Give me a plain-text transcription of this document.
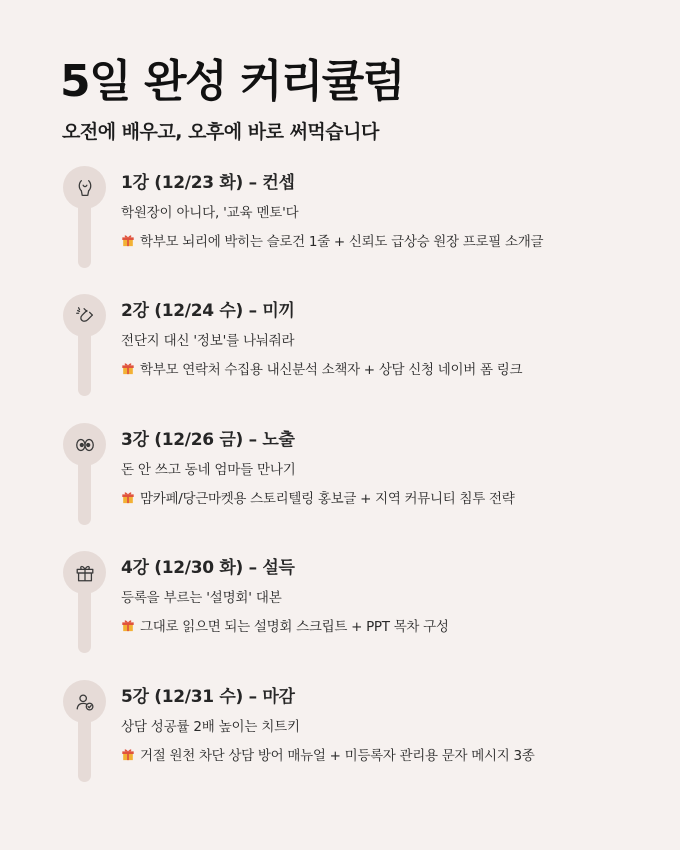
5일 완성 커리큘럼

오전에 배우고, 오후에 바로 써먹습니다

1강 (12/23 화) – 컨셉
학원장이 아니다, '교육 멘토'다
학부모 뇌리에 박히는 슬로건 1줄 + 신뢰도 급상승 원장 프로필 소개글
2강 (12/24 수) – 미끼
전단지 대신 '정보'를 나눠줘라
학부모 연락처 수집용 내신분석 소책자 + 상담 신청 네이버 폼 링크
3강 (12/26 금) – 노출
돈 안 쓰고 동네 엄마들 만나기
맘카페/당근마켓용 스토리텔링 홍보글 + 지역 커뮤니티 침투 전략
4강 (12/30 화) – 설득
등록을 부르는 '설명회' 대본
그대로 읽으면 되는 설명회 스크립트 + PPT 목차 구성
5강 (12/31 수) – 마감
상담 성공률 2배 높이는 치트키
거절 원천 차단 상담 방어 매뉴얼 + 미등록자 관리용 문자 메시지 3종
